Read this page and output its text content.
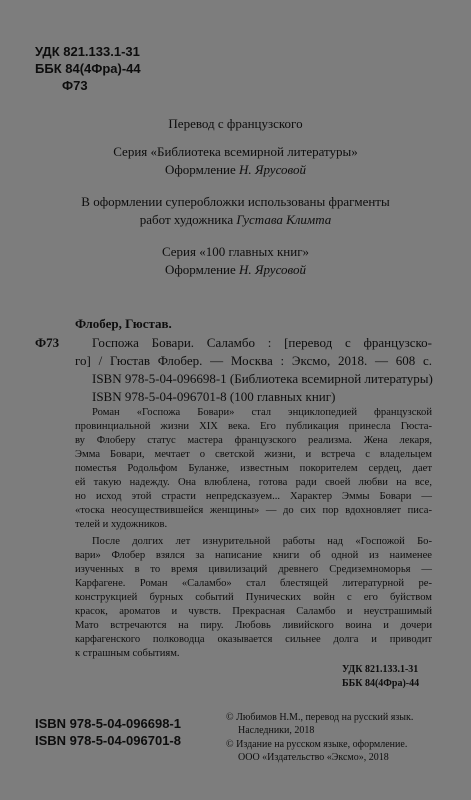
УДК 821.133.1-31
ББК 84(4Фра)-44
Ф73
Перевод с французского
Серия «Библиотека всемирной литературы»
Оформление Н. Ярусовой
В оформлении суперобложки использованы фрагменты
работ художника Густава Климта
Серия «100 главных книг»
Оформление Н. Ярусовой
Флобер, Гюстав.
Ф73	Госпожа Бовари. Саламбо : [перевод с французско-
го] / Гюстав Флобер. — Москва : Эксмо, 2018. — 608 с.
ISBN 978-5-04-096698-1 (Библиотека всемирной литературы)
ISBN 978-5-04-096701-8 (100 главных книг)
Роман «Госпожа Бовари» стал энциклопедией французской
провинциальной жизни XIX века. Его публикация принесла Гюста-
ву Флоберу статус мастера французского реализма. Жена лекаря,
Эмма Бовари, мечтает о светской жизни, и встреча с владельцем
поместья Родольфом Буланже, известным покорителем сердец, дает
ей такую надежду. Она влюблена, готова ради своей любви на все,
но исход этой страсти непредсказуем... Характер Эммы Бовари —
«тоска неосуществившейся женщины» — до сих пор вдохновляет писа-
телей и художников.
После долгих лет изнурительной работы над «Госпожой Бо-
вари» Флобер взялся за написание книги об одной из наименее
изученных в то время цивилизаций древнего Средиземноморья —
Карфагене. Роман «Саламбо» стал блестящей литературной ре-
конструкцией бурных событий Пунических войн с его буйством
красок, ароматов и чувств. Прекрасная Саламбо и неустрашимый
Мато встречаются на пиру. Любовь ливийского воина и дочери
карфагенского полководца оказывается сильнее долга и приводит
к страшным событиям.
УДК 821.133.1-31
ББК 84(4Фра)-44
ISBN 978-5-04-096698-1
ISBN 978-5-04-096701-8
© Любимов Н.М., перевод на русский язык.
Наследники, 2018
© Издание на русском языке, оформление.
ООО «Издательство «Эксмо», 2018
